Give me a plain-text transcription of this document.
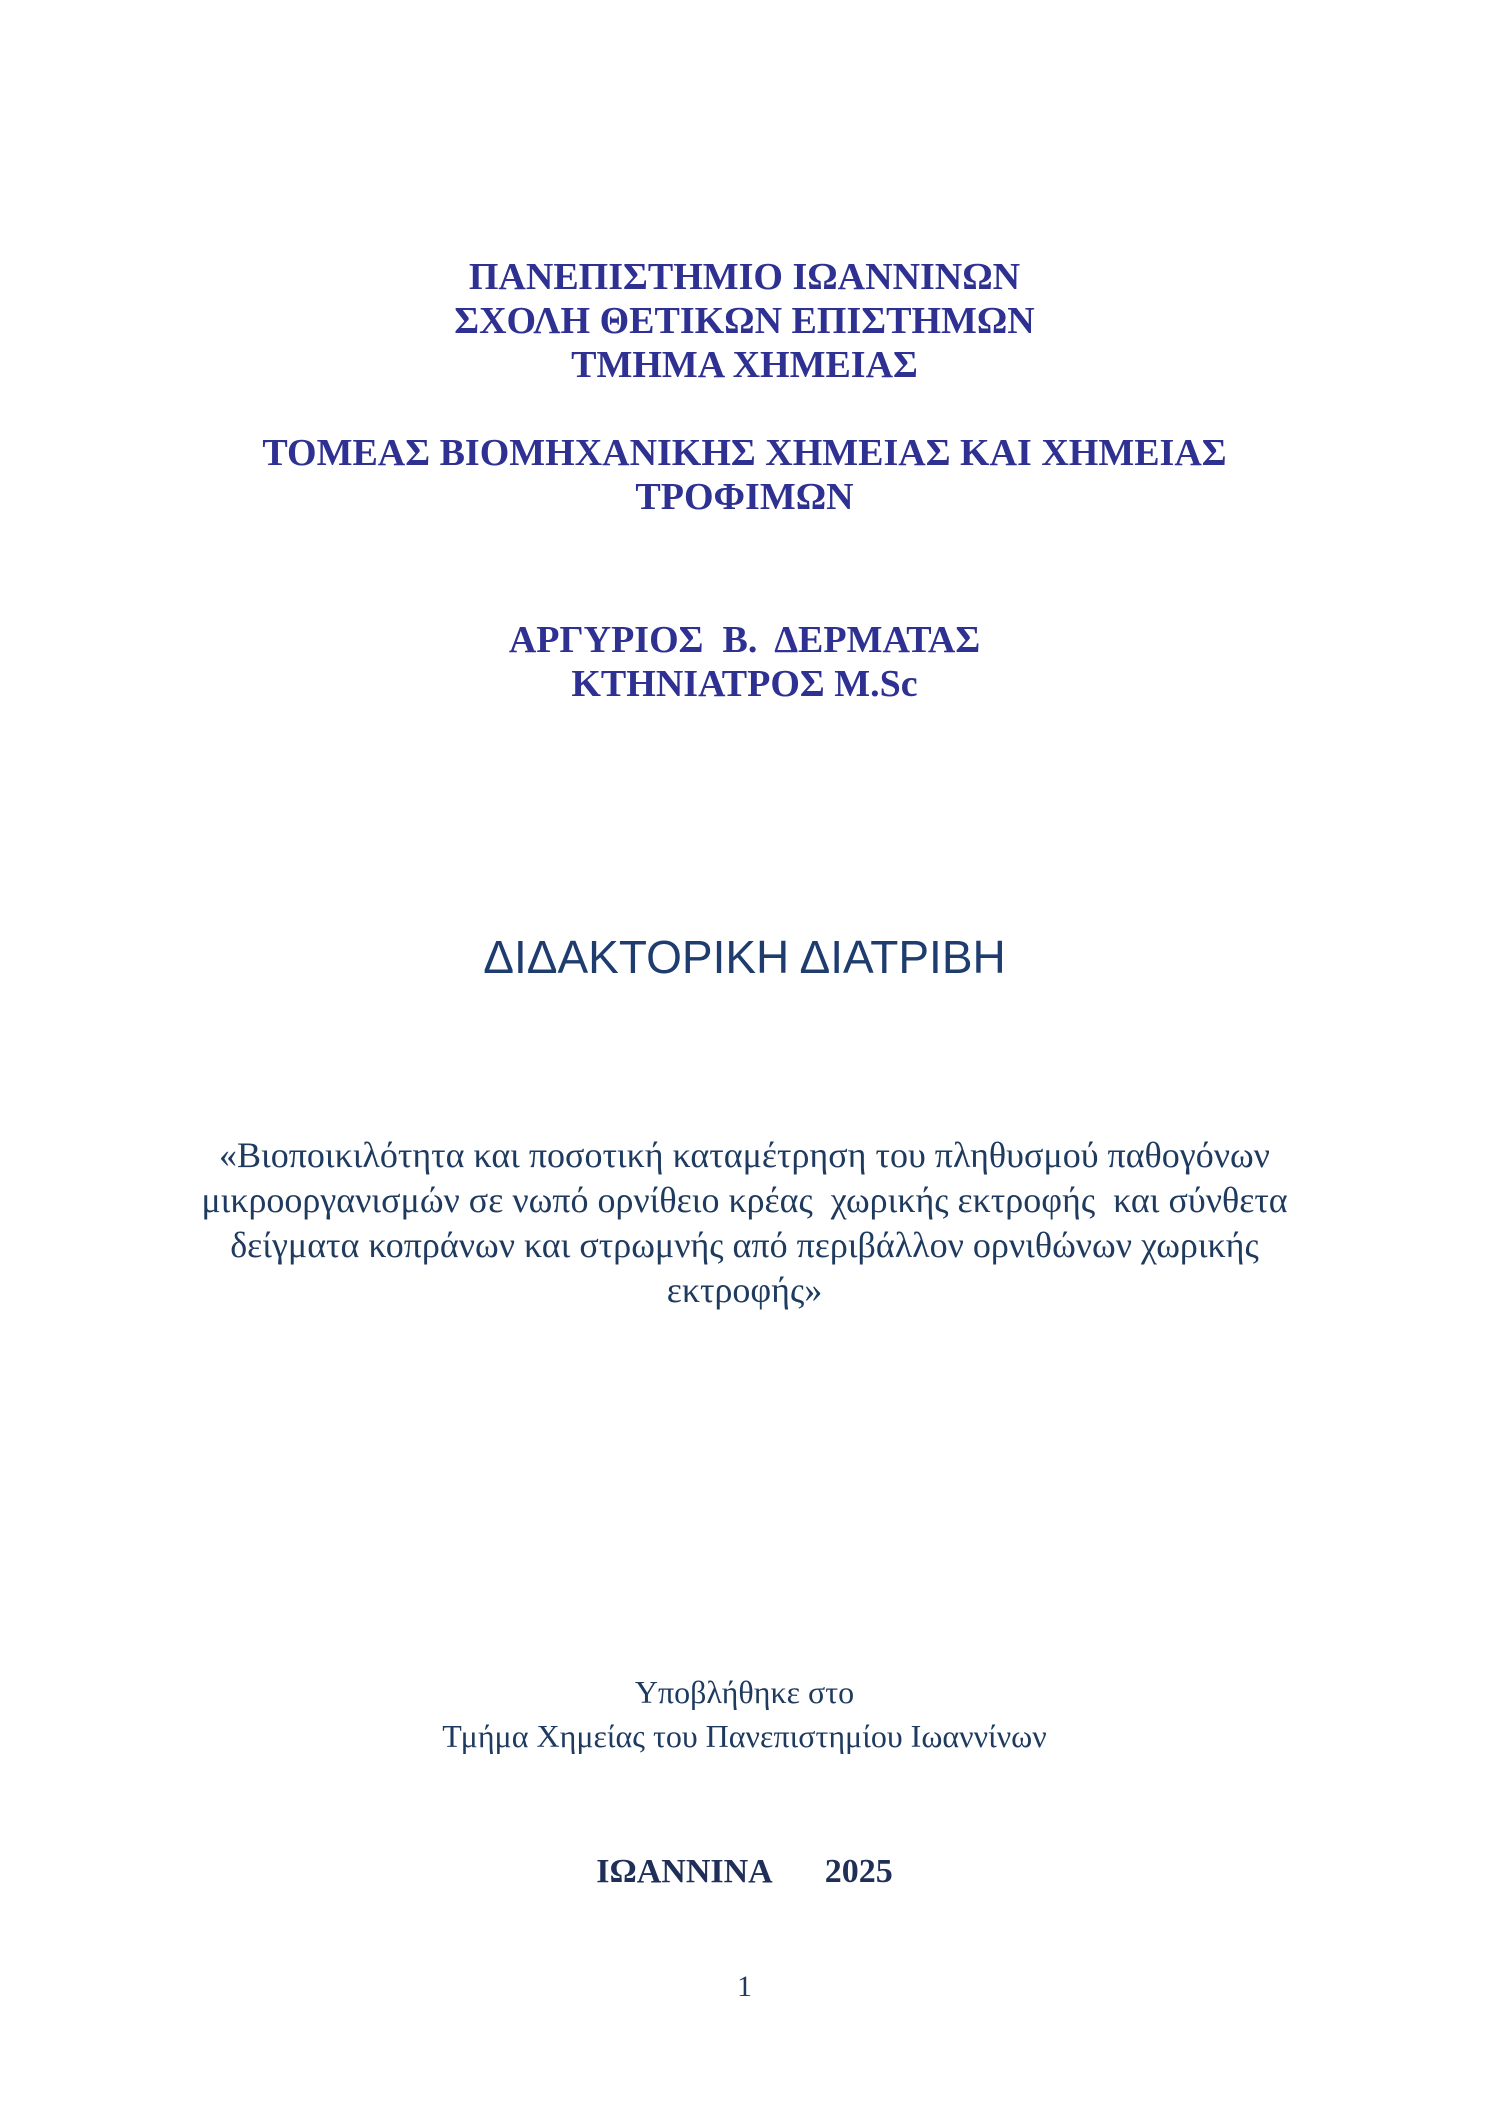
ΠΑΝΕΠΙΣΤΗΜΙΟ ΙΩΑΝΝΙΝΩΝ
ΣΧΟΛΗ ΘΕΤΙΚΩΝ ΕΠΙΣΤΗΜΩΝ
ΤΜΗΜΑ ΧΗΜΕΙΑΣ
ΤΟΜΕΑΣ ΒΙΟΜΗΧΑΝΙΚΗΣ ΧΗΜΕΙΑΣ ΚΑΙ ΧΗΜΕΙΑΣ
ΤΡΟΦΙΜΩΝ
ΑΡΓΥΡΙΟΣ  Β.  ΔΕΡΜΑΤΑΣ
ΚΤΗΝΙΑΤΡΟΣ M.Sc
ΔΙΔΑΚΤΟΡΙΚΗ ΔΙΑΤΡΙΒΗ
«Βιοποικιλότητα και ποσοτική καταμέτρηση του πληθυσμού παθογόνων
μικροοργανισμών σε νωπό ορνίθειο κρέας  χωρικής εκτροφής  και σύνθετα
δείγματα κοπράνων και στρωμνής από περιβάλλον ορνιθώνων χωρικής
εκτροφής»
Υποβλήθηκε στο
Τμήμα Χημείας του Πανεπιστημίου Ιωαννίνων
ΙΩΑΝΝΙΝΑ 2025
1
